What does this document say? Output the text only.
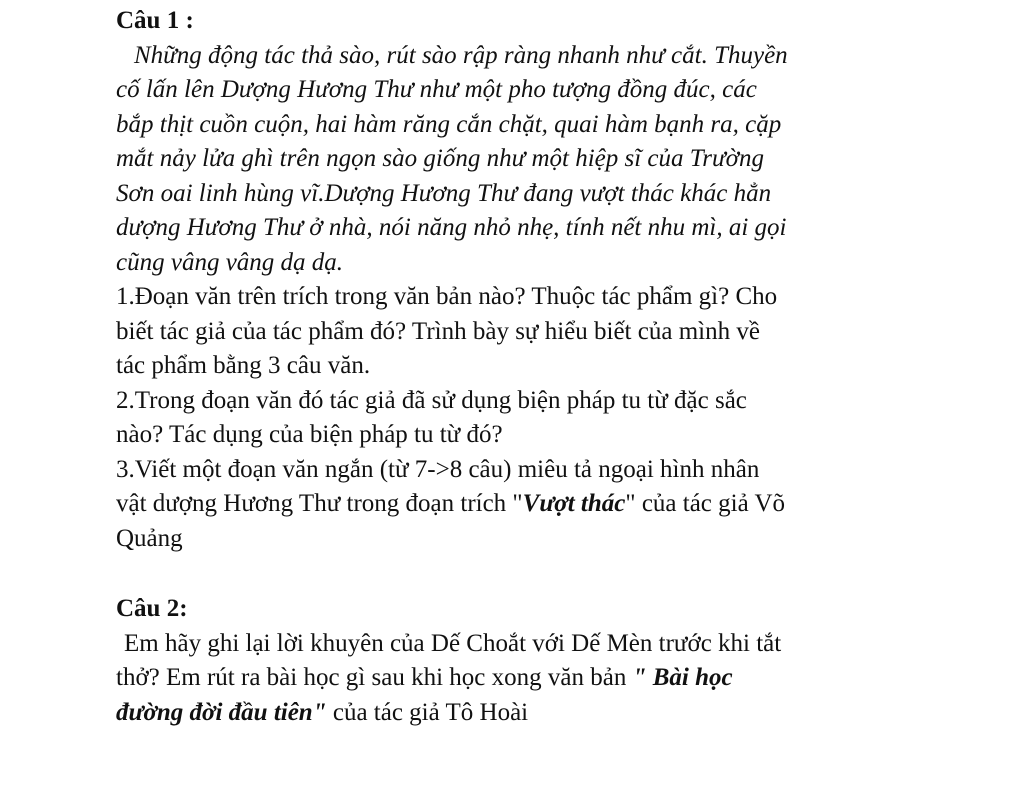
Câu 1 :

Những động tác thả sào, rút sào rập ràng nhanh như cắt. Thuyền
cố lấn lên Dượng Hương Thư như một pho tượng đồng đúc, các
bắp thịt cuồn cuộn, hai hàm răng cắn chặt, quai hàm bạnh ra, cặp
mắt nảy lửa ghì trên ngọn sào giống như một hiệp sĩ của Trường
Sơn oai linh hùng vĩ.Dượng Hương Thư đang vượt thác khác hẳn
dượng Hương Thư ở nhà, nói năng nhỏ nhẹ, tính nết nhu mì, ai gọi
cũng vâng vâng dạ dạ.
1.Đoạn văn trên trích trong văn bản nào? Thuộc tác phẩm gì? Cho
biết tác giả của tác phẩm đó? Trình bày sự hiểu biết của mình về
tác phẩm bằng 3 câu văn.
2.Trong đoạn văn đó tác giả đã sử dụng biện pháp tu từ đặc sắc
nào? Tác dụng của biện pháp tu từ đó?
3.Viết một đoạn văn ngắn (từ 7->8 câu) miêu tả ngoại hình nhân
vật dượng Hương Thư trong đoạn trích "Vượt thác" của tác giả Võ
Quảng

Câu 2:

Em hãy ghi lại lời khuyên của Dế Choắt với Dế Mèn trước khi tắt
thở? Em rút ra bài học gì sau khi học xong văn bản " Bài học
đường đời đầu tiên" của tác giả Tô Hoài
